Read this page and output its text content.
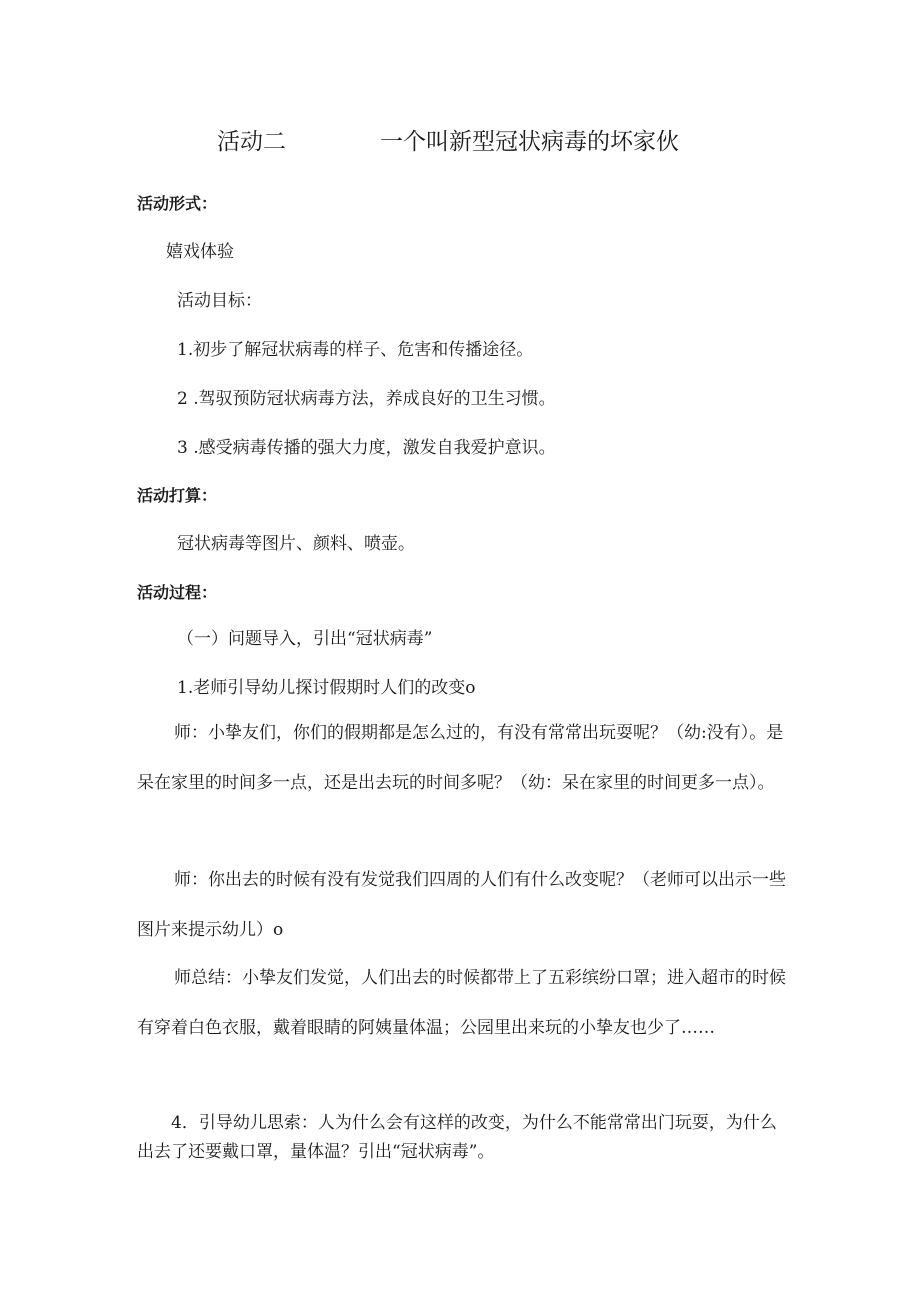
活动二	一个叫新型冠状病毒的坏家伙
活动形式：
嬉戏体验
活动目标：
1.初步了解冠状病毒的样子、危害和传播途径。
2 .驾驭预防冠状病毒方法，养成良好的卫生习惯。
3 .感受病毒传播的强大力度，激发自我爱护意识。
活动打算：
冠状病毒等图片、颜料、喷壶。
活动过程：
（一）问题导入，引出“冠状病毒”
1.老师引导幼儿探讨假期时人们的改变o
师：小挚友们，你们的假期都是怎么过的，有没有常常出玩耍呢？（幼:没有）。是呆在家里的时间多一点，还是出去玩的时间多呢？（幼：呆在家里的时间更多一点）。
师：你出去的时候有没有发觉我们四周的人们有什么改变呢？（老师可以出示一些图片来提示幼儿）o
师总结：小挚友们发觉，人们出去的时候都带上了五彩缤纷口罩；进入超市的时候有穿着白色衣服，戴着眼睛的阿姨量体温；公园里出来玩的小挚友也少了……
4．引导幼儿思索：人为什么会有这样的改变，为什么不能常常出门玩耍，为什么出去了还要戴口罩，量体温？引出“冠状病毒”。
